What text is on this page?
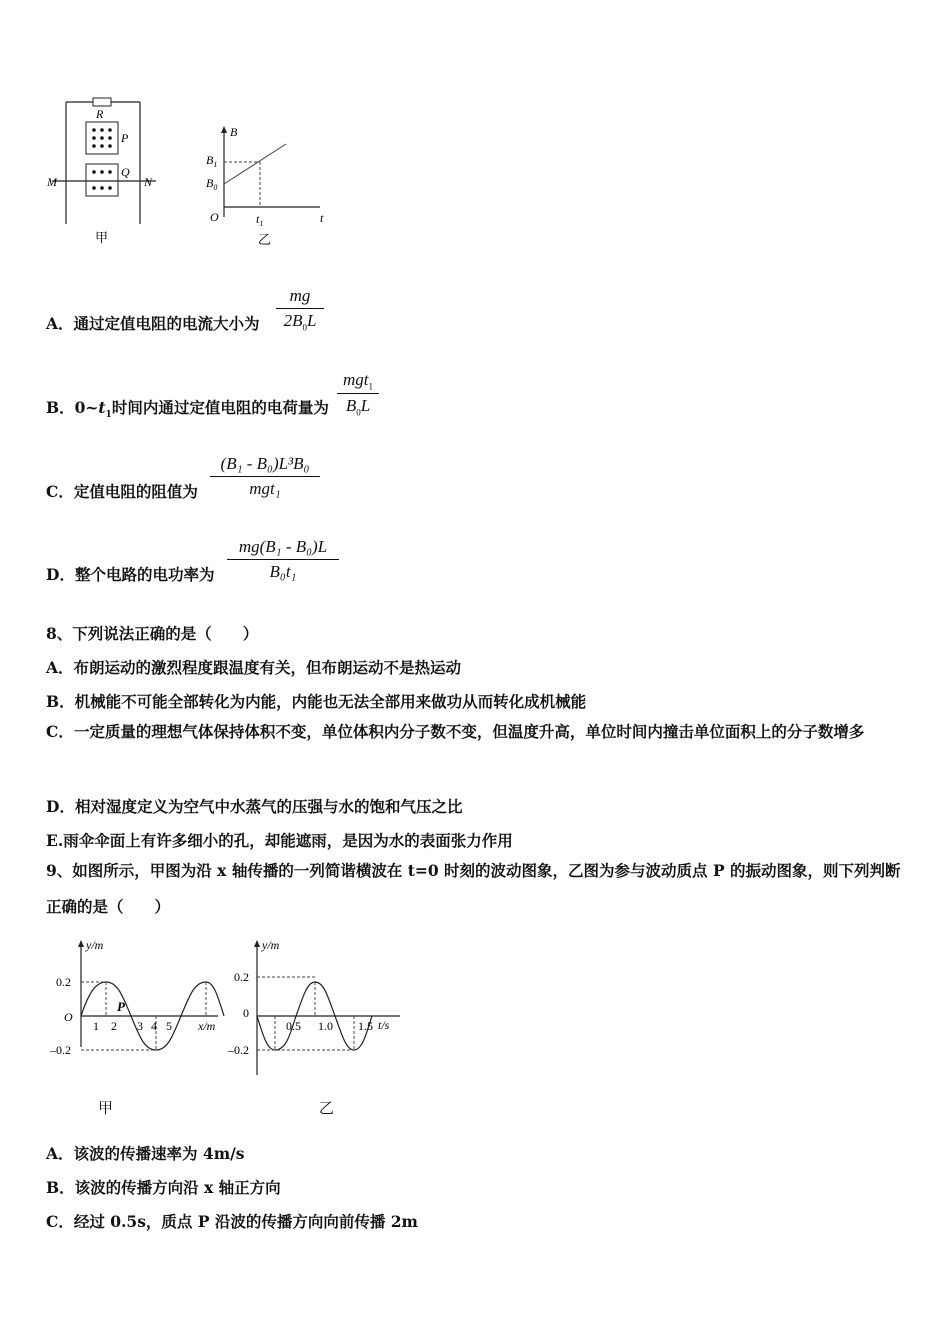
R
P
Q
M	N
甲
B
$B_1$
$B_0$
O	$t_1$	t
乙
A．通过定值电阻的电流大小为
mg
$2B_0L$
B．$0\sim t_1$时间内通过定值电阻的电荷量为
mgt$_1$
$B_0L$
C．定值电阻的阻值为
(B₁ - B₀)L³B₀
mgt₁
D．整个电路的电功率为
mg(B₁ - B₀)L
B₀t₁
8、下列说法正确的是（　　）
A．布朗运动的激烈程度跟温度有关，但布朗运动不是热运动
B．机械能不可能全部转化为内能，内能也无法全部用来做功从而转化成机械能
C．一定质量的理想气体保持体积不变，单位体积内分子数不变，但温度升高，单位时间内撞击单位面积上的分子数增多
D．相对湿度定义为空气中水蒸气的压强与水的饱和气压之比
E.雨伞伞面上有许多细小的孔，却能遮雨，是因为水的表面张力作用
9、如图所示，甲图为沿 x 轴传播的一列简谐横波在 t=0 时刻的波动图象，乙图为参与波动质点 P 的振动图象，则下列判断正确的是（　　）
y/m
0.2
–0.2
O
1 2 3 4 5
P
x/m
甲
y/m
0.2
–0.2
0
0.5 1.0 1.5 t/s
乙
A．该波的传播速率为 4m/s
B．该波的传播方向沿 x 轴正方向
C．经过 0.5s，质点 P 沿波的传播方向向前传播 2m
